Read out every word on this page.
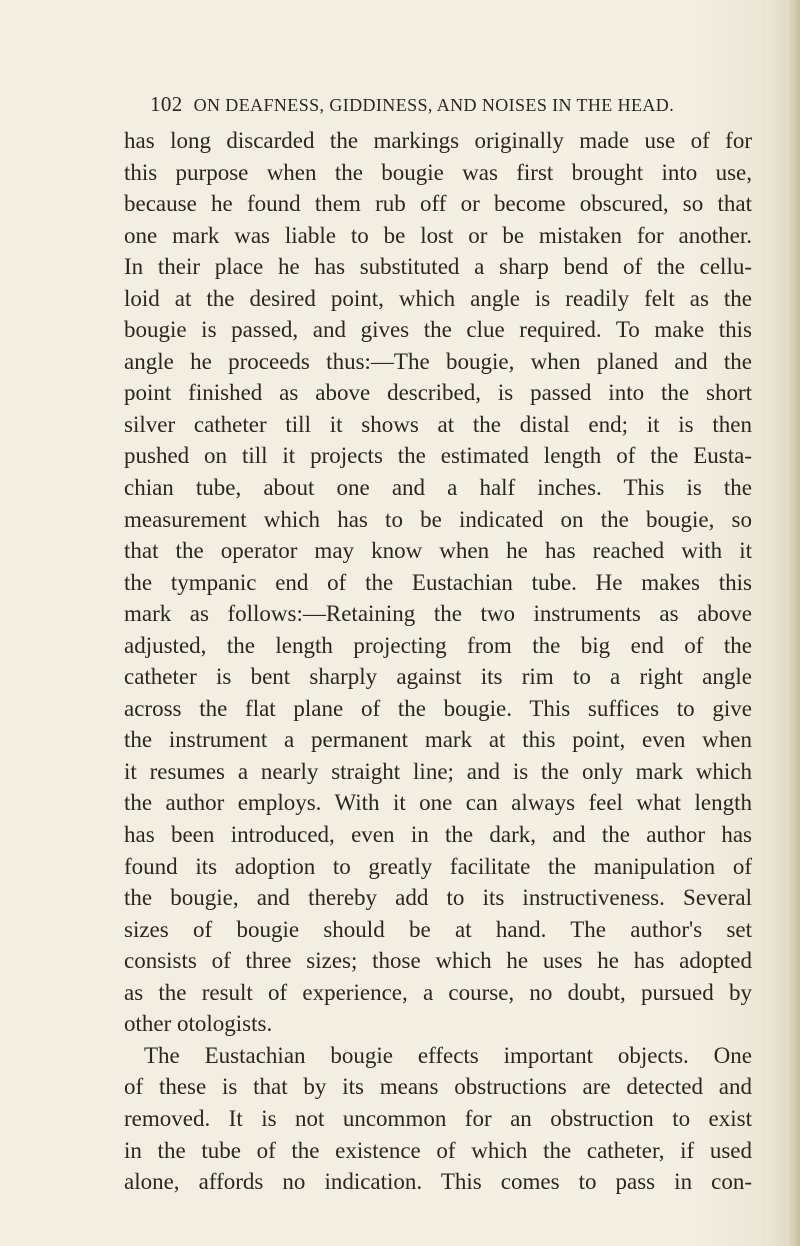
102 ON DEAFNESS, GIDDINESS, AND NOISES IN THE HEAD.
has long discarded the markings originally made use of for
this purpose when the bougie was first brought into use,
because he found them rub off or become obscured, so that
one mark was liable to be lost or be mistaken for another.
In their place he has substituted a sharp bend of the cellu-
loid at the desired point, which angle is readily felt as the
bougie is passed, and gives the clue required. To make this
angle he proceeds thus:—The bougie, when planed and the
point finished as above described, is passed into the short
silver catheter till it shows at the distal end; it is then
pushed on till it projects the estimated length of the Eusta-
chian tube, about one and a half inches. This is the
measurement which has to be indicated on the bougie, so
that the operator may know when he has reached with it
the tympanic end of the Eustachian tube. He makes this
mark as follows:—Retaining the two instruments as above
adjusted, the length projecting from the big end of the
catheter is bent sharply against its rim to a right angle
across the flat plane of the bougie. This suffices to give
the instrument a permanent mark at this point, even when
it resumes a nearly straight line; and is the only mark which
the author employs. With it one can always feel what length
has been introduced, even in the dark, and the author has
found its adoption to greatly facilitate the manipulation of
the bougie, and thereby add to its instructiveness. Several
sizes of bougie should be at hand. The author's set
consists of three sizes; those which he uses he has adopted
as the result of experience, a course, no doubt, pursued by
other otologists.
The Eustachian bougie effects important objects. One
of these is that by its means obstructions are detected and
removed. It is not uncommon for an obstruction to exist
in the tube of the existence of which the catheter, if used
alone, affords no indication. This comes to pass in con-
